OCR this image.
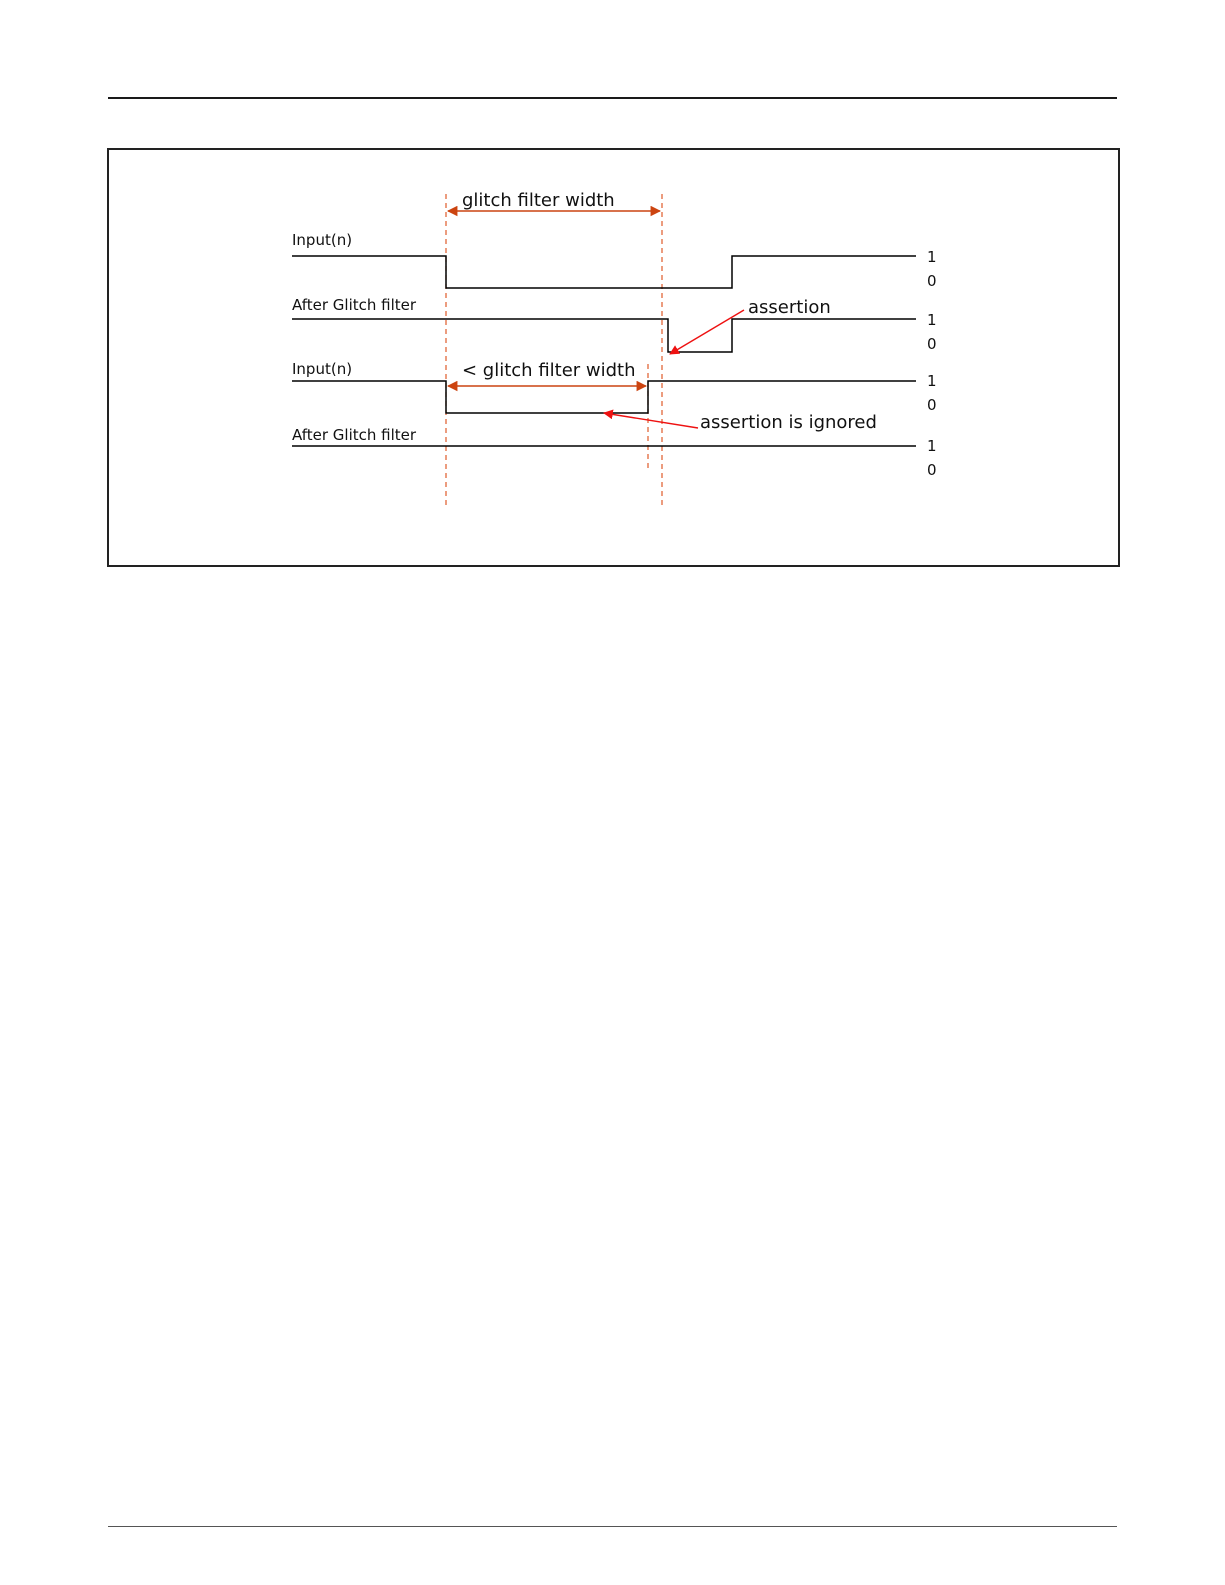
glitch filter width
< glitch filter width
assertion
assertion is ignored
Input(n)
After Glitch filter
Input(n)
After Glitch filter
1
0
1
0
1
0
1
0
